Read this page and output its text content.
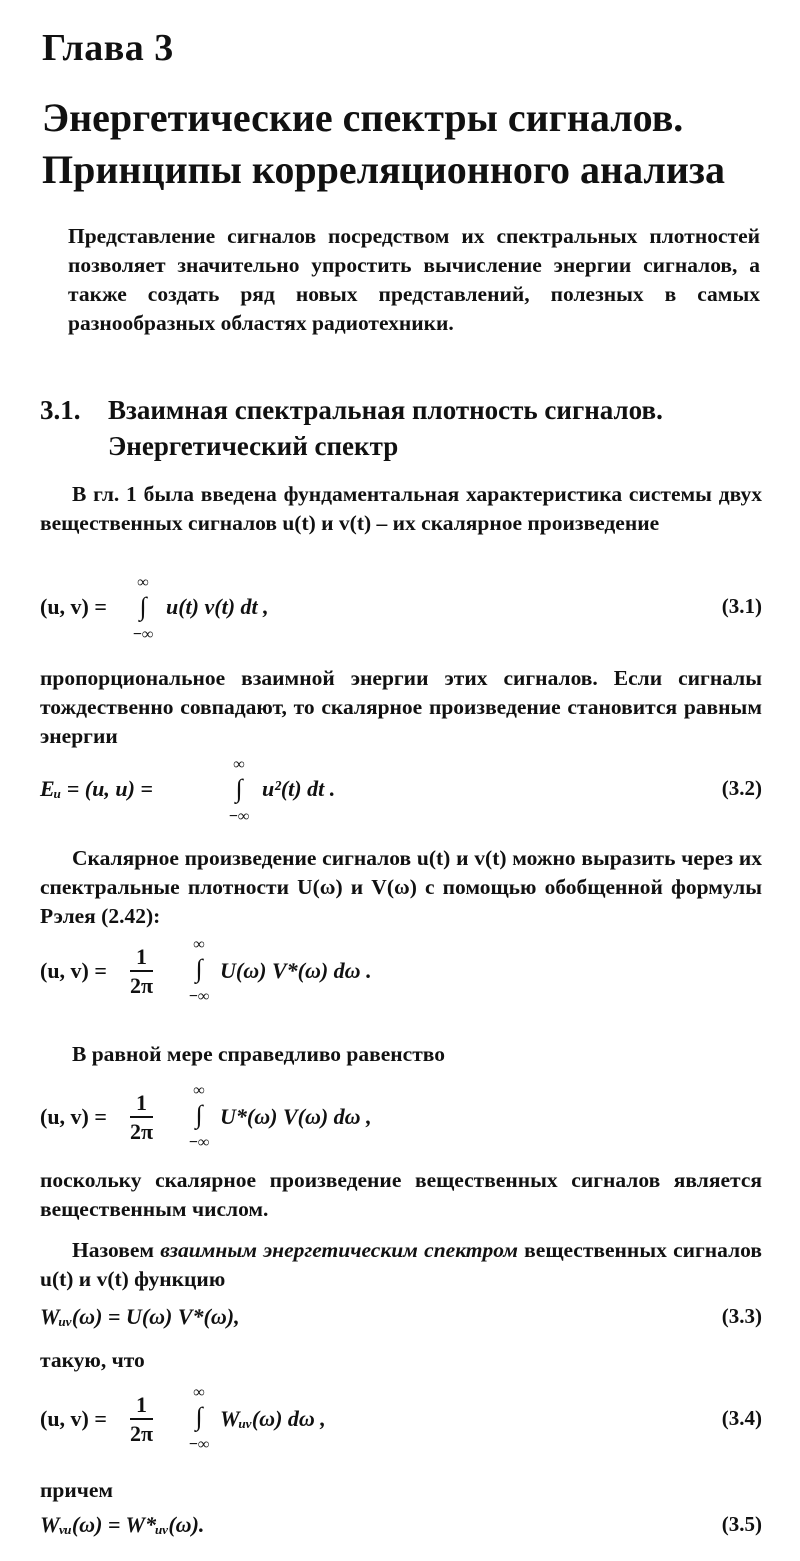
Глава 3
Энергетические спектры сигналов.
Принципы корреляционного анализа
Представление сигналов посредством их спектральных плотностей позволяет значительно упростить вычисление энергии сигналов, а также создать ряд новых представлений, полезных в самых разнообразных областях радиотехники.
3.1. Взаимная спектральная плотность сигналов.
Энергетический спектр
В гл. 1 была введена фундаментальная характеристика системы двух вещественных сигналов u(t) и v(t) – их скалярное произведение
(u, v) =
∞
∫
−∞
u(t) v(t) dt ,	(3.1)
пропорциональное взаимной энергии этих сигналов. Если сигналы тождественно совпадают, то скалярное произведение становится равным энергии
Eᵤ = (u, u) =
∞
∫
−∞
u²(t) dt .	(3.2)
Скалярное произведение сигналов u(t) и v(t) можно выразить через их спектральные плотности U(ω) и V(ω) с помощью обобщенной формулы Рэлея (2.42):
(u, $v) = \frac{1}{2\pi}$	∞
∫
−∞
U(ω) V*(ω) dω .
В равной мере справедливо равенство
(u, $v) = \frac{1}{2\pi}$	∞
∫
−∞
U*(ω) V(ω) dω ,
поскольку скалярное произведение вещественных сигналов является вещественным числом.
Назовем взаимным энергетическим спектром вещественных сигналов u(t) и v(t) функцию
Wᵤᵥ(ω) = U(ω) V*(ω),	(3.3)
такую, что
(u, $v) = \frac{1}{2\pi}$	∞
∫
−∞
Wᵤᵥ(ω) dω ,	(3.4)
причем
Wᵥᵤ(ω) = W*ᵤᵥ(ω).	(3.5)
